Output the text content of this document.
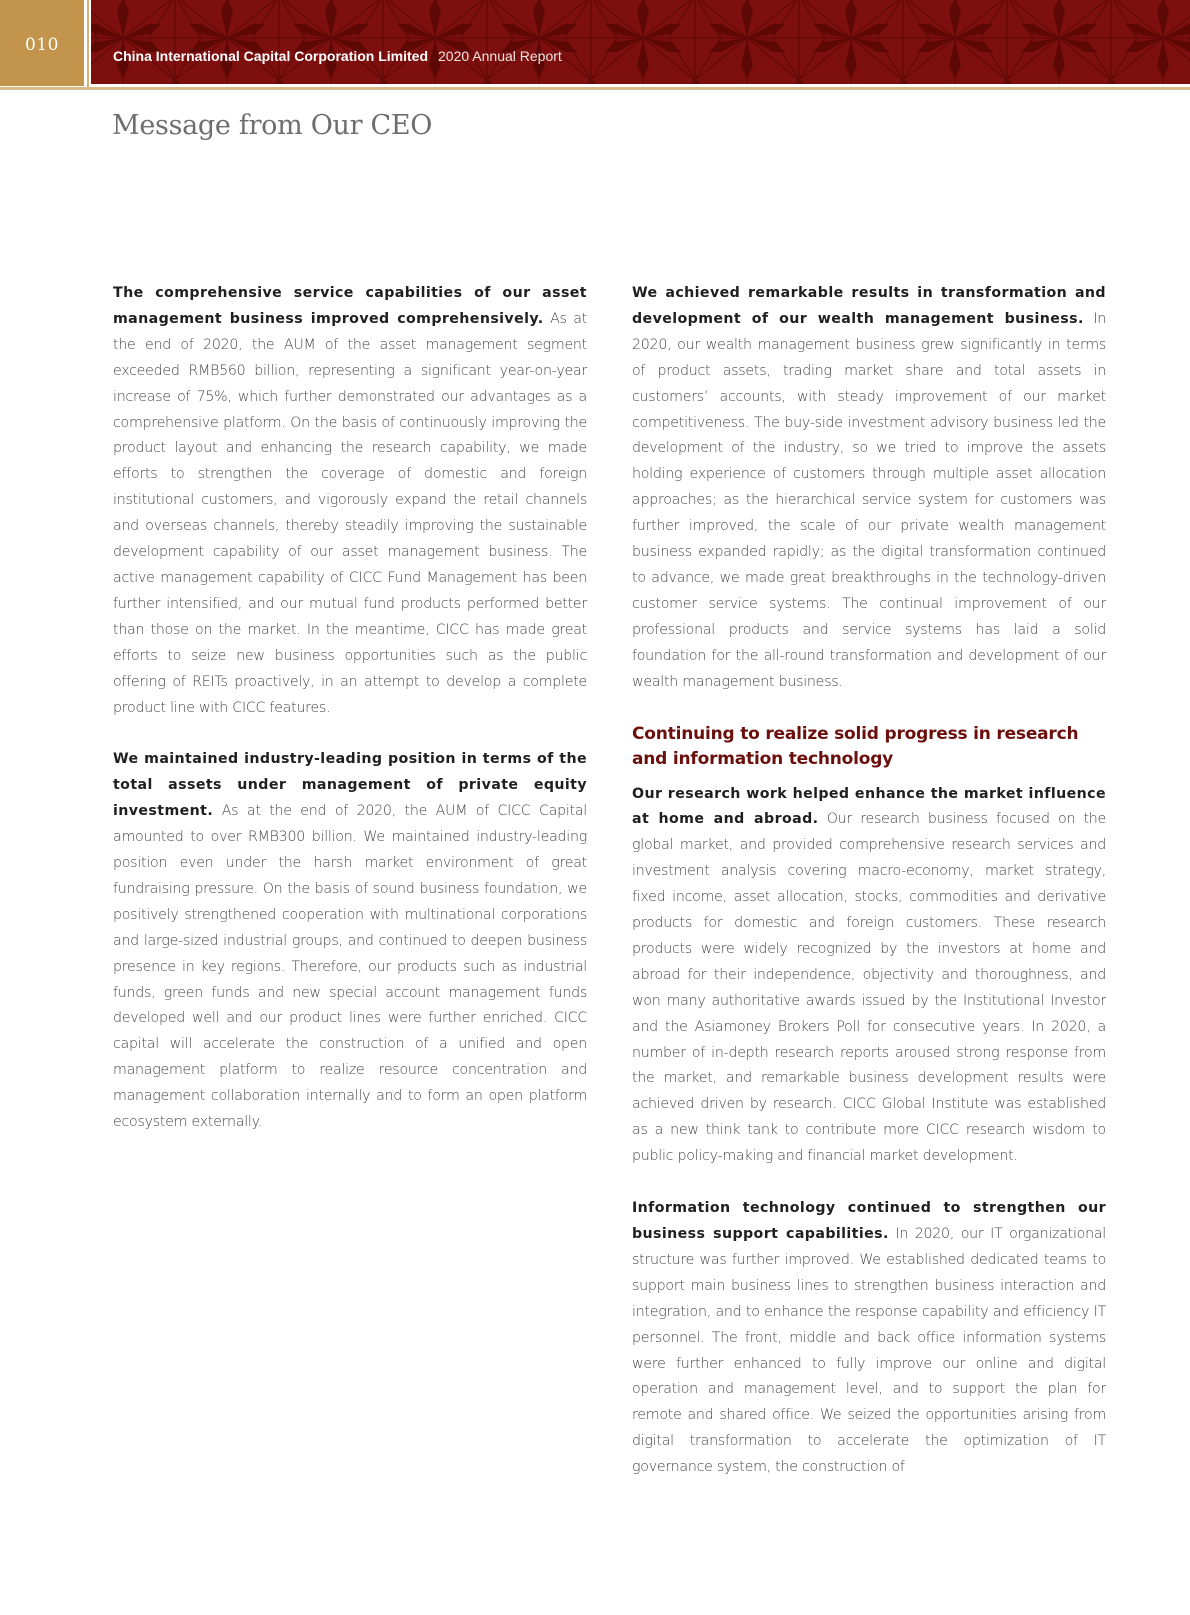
010
China International Capital Corporation Limited 2020 Annual Report
Message from Our CEO

The comprehensive service capabilities of our asset management business improved comprehensively. As at the end of 2020, the AUM of the asset management segment exceeded RMB560 billion, representing a significant year-on-year increase of 75%, which further demonstrated our advantages as a comprehensive platform. On the basis of continuously improving the product layout and enhancing the research capability, we made efforts to strengthen the coverage of domestic and foreign institutional customers, and vigorously expand the retail channels and overseas channels, thereby steadily improving the sustainable development capability of our asset management business. The active management capability of CICC Fund Management has been further intensified, and our mutual fund products performed better than those on the market. In the meantime, CICC has made great efforts to seize new business opportunities such as the public offering of REITs proactively, in an attempt to develop a complete product line with CICC features.

We maintained industry-leading position in terms of the total assets under management of private equity investment. As at the end of 2020, the AUM of CICC Capital amounted to over RMB300 billion. We maintained industry-leading position even under the harsh market environment of great fundraising pressure. On the basis of sound business foundation, we positively strengthened cooperation with multinational corporations and large-sized industrial groups, and continued to deepen business presence in key regions. Therefore, our products such as industrial funds, green funds and new special account management funds developed well and our product lines were further enriched. CICC capital will accelerate the construction of a unified and open management platform to realize resource concentration and management collaboration internally and to form an open platform ecosystem externally.

We achieved remarkable results in transformation and development of our wealth management business. In 2020, our wealth management business grew significantly in terms of product assets, trading market share and total assets in customers’ accounts, with steady improvement of our market competitiveness. The buy-side investment advisory business led the development of the industry, so we tried to improve the assets holding experience of customers through multiple asset allocation approaches; as the hierarchical service system for customers was further improved, the scale of our private wealth management business expanded rapidly; as the digital transformation continued to advance, we made great breakthroughs in the technology-driven customer service systems. The continual improvement of our professional products and service systems has laid a solid foundation for the all-round transformation and development of our wealth management business.

Continuing to realize solid progress in research and information technology

Our research work helped enhance the market influence at home and abroad. Our research business focused on the global market, and provided comprehensive research services and investment analysis covering macro-economy, market strategy, fixed income, asset allocation, stocks, commodities and derivative products for domestic and foreign customers. These research products were widely recognized by the investors at home and abroad for their independence, objectivity and thoroughness, and won many authoritative awards issued by the Institutional Investor and the Asiamoney Brokers Poll for consecutive years. In 2020, a number of in-depth research reports aroused strong response from the market, and remarkable business development results were achieved driven by research. CICC Global Institute was established as a new think tank to contribute more CICC research wisdom to public policy-making and financial market development.

Information technology continued to strengthen our business support capabilities. In 2020, our IT organizational structure was further improved. We established dedicated teams to support main business lines to strengthen business interaction and integration, and to enhance the response capability and efficiency IT personnel. The front, middle and back office information systems were further enhanced to fully improve our online and digital operation and management level, and to support the plan for remote and shared office. We seized the opportunities arising from digital transformation to accelerate the optimization of IT governance system, the construction of
